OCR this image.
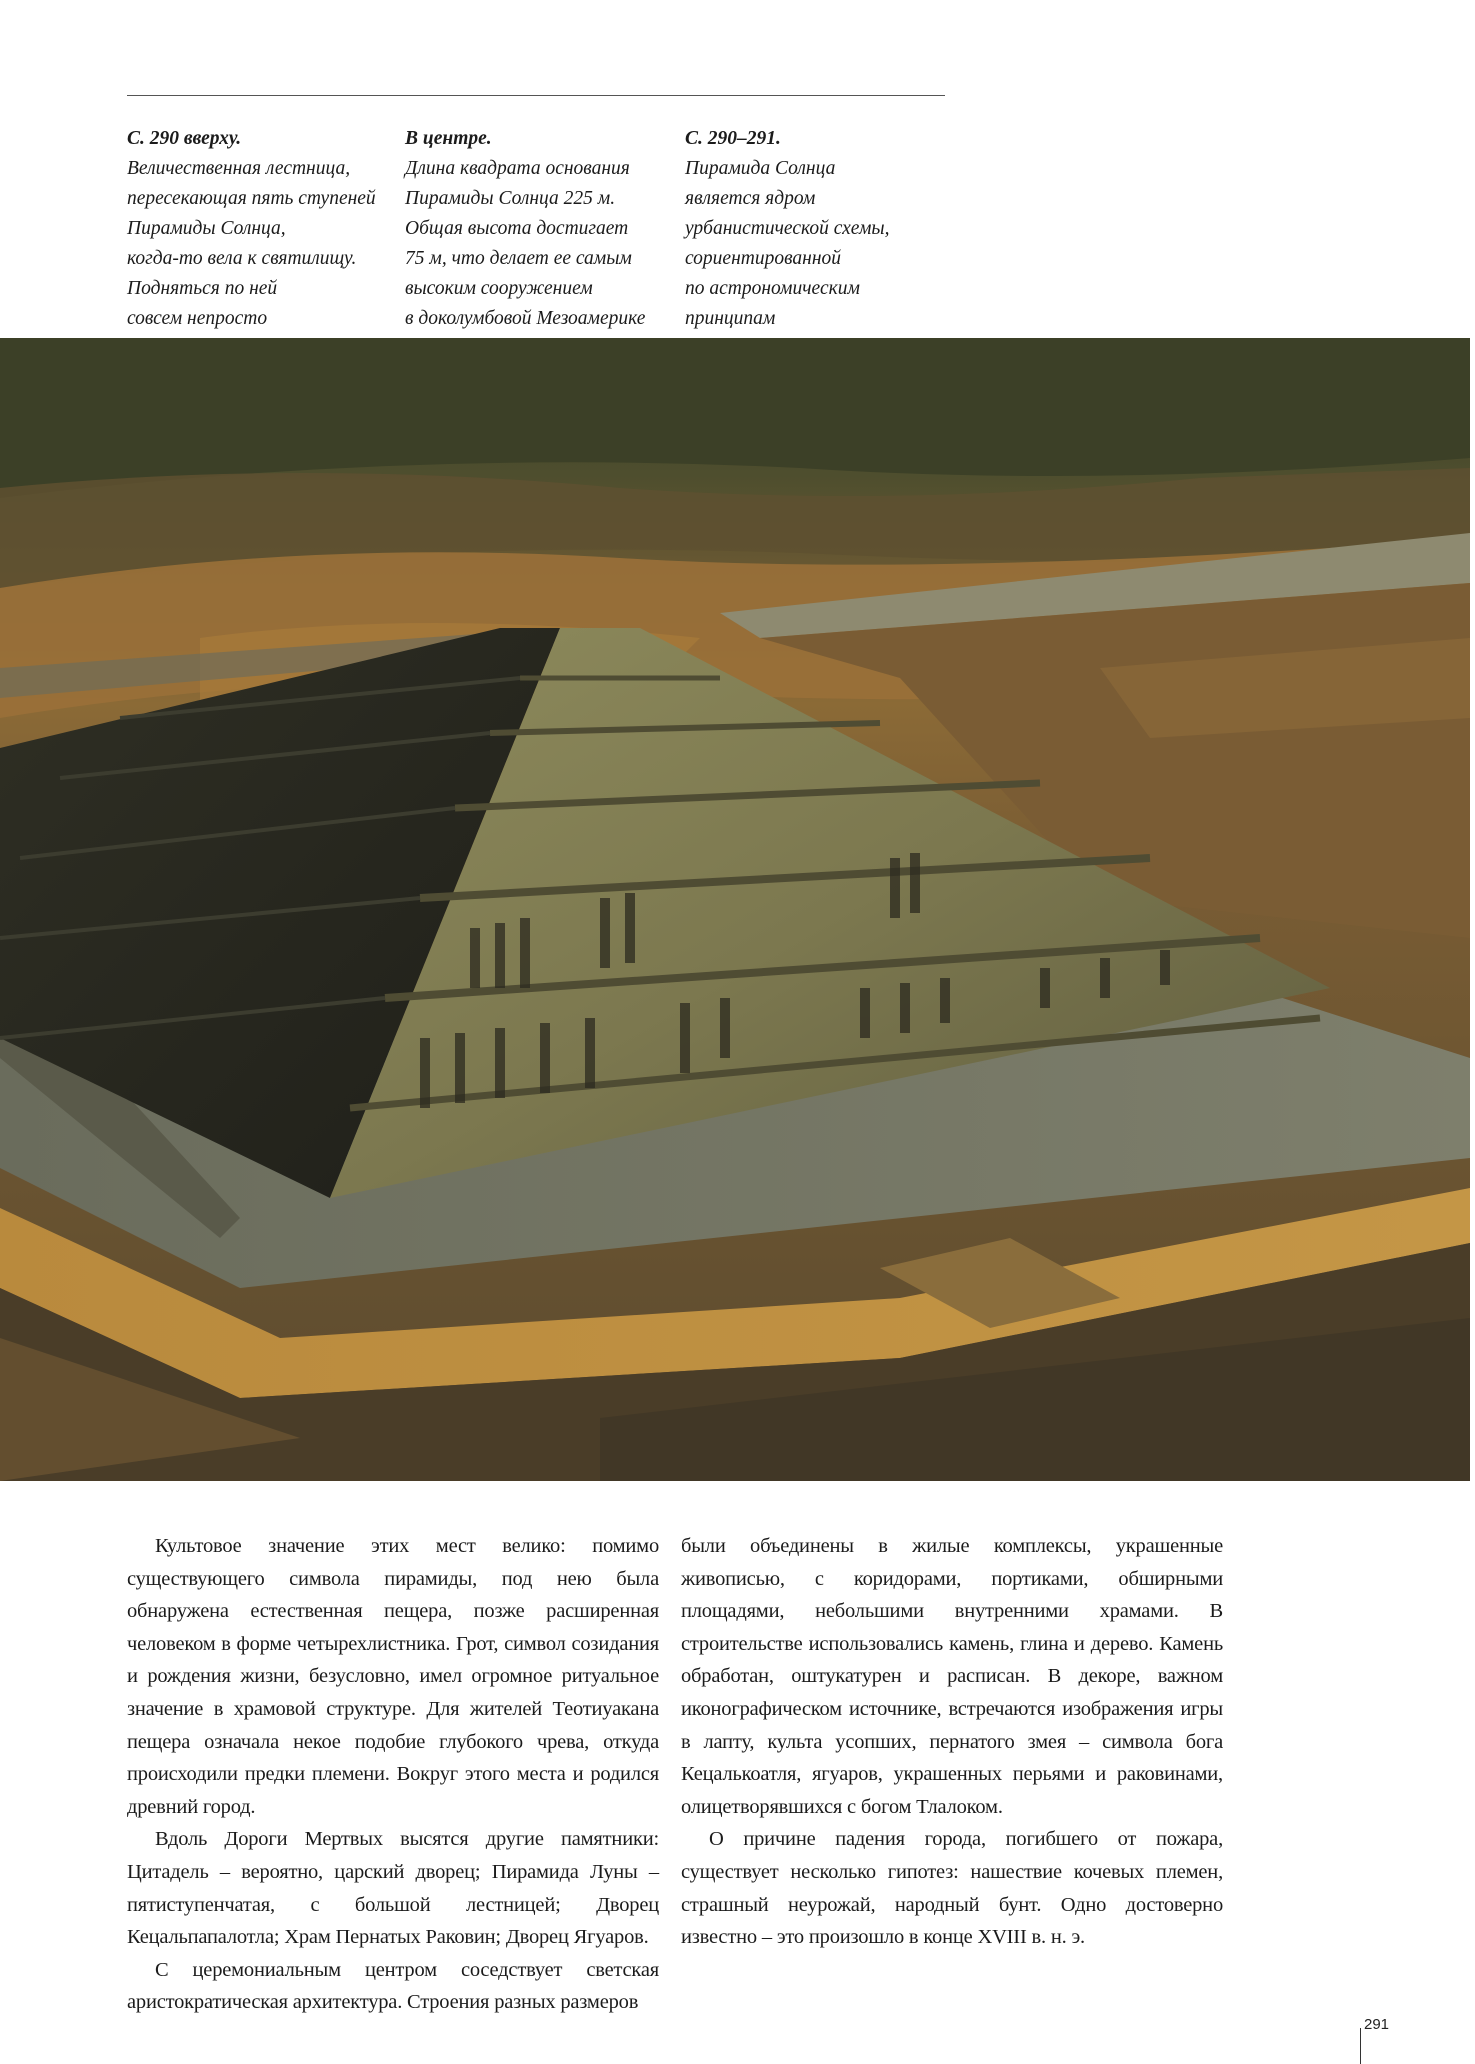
С. 290 вверху.
Величественная лестница,
пересекающая пять ступеней
Пирамиды Солнца,
когда-то вела к святилищу.
Подняться по ней
совсем непросто
В центре.
Длина квадрата основания
Пирамиды Солнца 225 м.
Общая высота достигает
75 м, что делает ее самым
высоким сооружением
в доколумбовой Мезоамерике
С. 290–291.
Пирамида Солнца
является ядром
урбанистической схемы,
сориентированной
по астрономическим
принципам

Культовое значение этих мест велико: помимо существующего символа пирамиды, под нею была обнаружена естественная пещера, позже расширенная человеком в форме четырехлистника. Грот, символ созидания и рождения жизни, безусловно, имел огромное ритуальное значение в храмовой структуре. Для жителей Теотиуакана пещера означала некое подобие глубокого чрева, откуда происходили предки племени. Вокруг этого места и родился древний город.

Вдоль Дороги Мертвых высятся другие памятники: Цитадель – вероятно, царский дворец; Пирамида Луны – пятиступенчатая, с большой лестницей; Дворец Кецальпапалотла; Храм Пернатых Раковин; Дворец Ягуаров.

С церемониальным центром соседствует светская аристократическая архитектура. Строения разных размеров

были объединены в жилые комплексы, украшенные живописью, с коридорами, портиками, обширными площадями, небольшими внутренними храмами. В строительстве использовались камень, глина и дерево. Камень обработан, оштукатурен и расписан. В декоре, важном иконографическом источнике, встречаются изображения игры в лапту, культа усопших, пернатого змея – символа бога Кецалькоатля, ягуаров, украшенных перьями и раковинами, олицетворявшихся с богом Тлалоком.

О причине падения города, погибшего от пожара, существует несколько гипотез: нашествие кочевых племен, страшный неурожай, народный бунт. Одно достоверно известно – это произошло в конце XVIII в. н. э.

291
